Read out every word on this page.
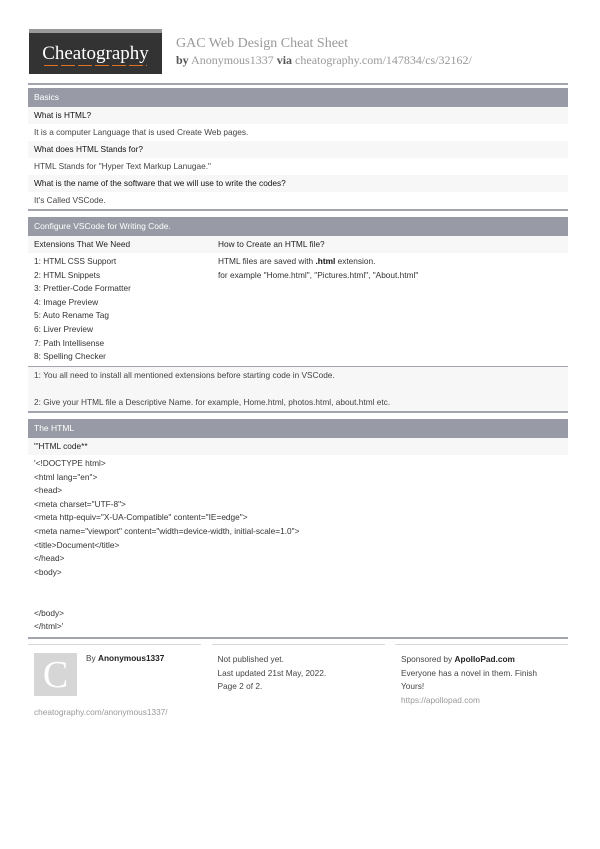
Cheatography GAC Web Design Cheat Sheet
by Anonymous1337 via cheatography.com/147834/cs/32162/
Basics
What is HTML?
It is a computer Language that is used Create Web pages.
What does HTML Stands for?
HTML Stands for "Hyper Text Markup Lanugae."
What is the name of the software that we will use to write the codes?
It's Called VSCode.
Configure VSCode for Writing Code.
Extensions That We Need
1: HTML CSS Support
2: HTML Snippets
3: Prettier-Code Formatter
4: Image Preview
5: Auto Rename Tag
6: Liver Preview
7: Path Intellisense
8: Spelling Checker
How to Create an HTML file?
HTML files are saved with .html extension.
for example "Home.html", "Pictures.html", "About.html"
1: You all need to install all mentioned extensions before starting code in VSCode.
2: Give your HTML file a Descriptive Name. for example, Home.html, photos.html, about.html etc.
The HTML
"'HTML code**
'<!DOCTYPE html>
<html lang="en">
<head>
<meta charset="UTF-8">
<meta http-equiv="X-UA-Compatible" content="IE=edge">
<meta name="viewport" content="width=device-width, initial-scale=1.0">
<title>Document</title>
</head>
<body>
</body>
</html>'
C	By Anonymous1337
cheatography.com/anonymous1337/
Not published yet.
Last updated 21st May, 2022.
Page 2 of 2.
Sponsored by ApolloPad.com
Everyone has a novel in them. Finish
Yours!
https://apollopad.com
